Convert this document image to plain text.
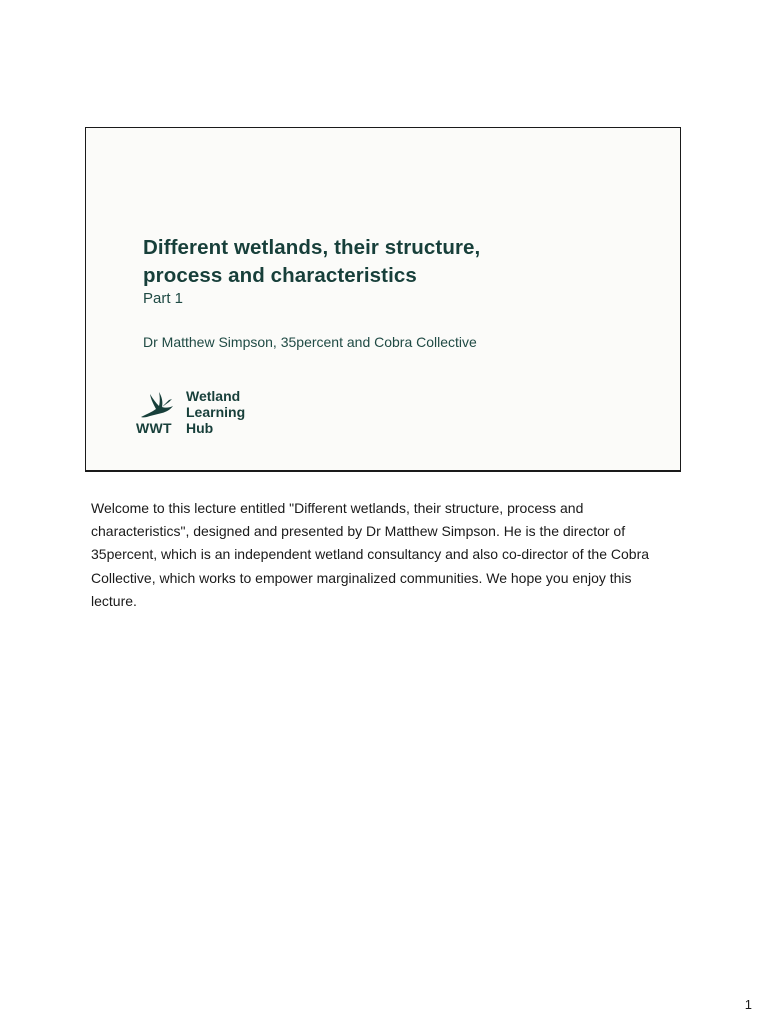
Different wetlands, their structure,
process and characteristics
Part 1
Dr Matthew Simpson, 35percent and Cobra Collective
WWT
Wetland
Learning
Hub

Welcome to this lecture entitled "Different wetlands, their structure, process and characteristics", designed and presented by Dr Matthew Simpson. He is the director of 35percent, which is an independent wetland consultancy and also co-director of the Cobra Collective, which works to empower marginalized communities. We hope you enjoy this lecture.

1
